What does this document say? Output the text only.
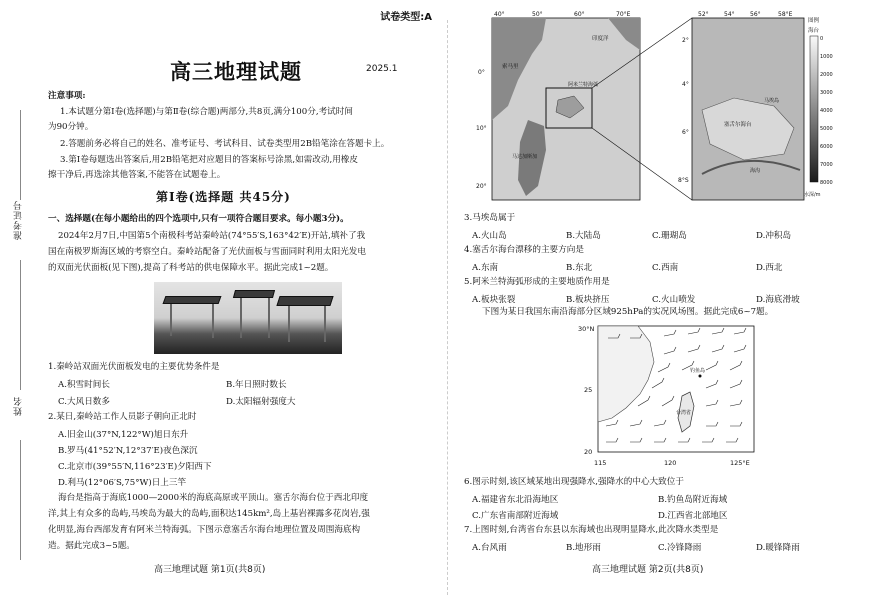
准考证号
姓名
试卷类型:A
高三地理试题	2025.1
注意事项:
1.本试题分第Ⅰ卷(选择题)与第Ⅱ卷(综合题)两部分,共8页,满分100分,考试时间
为90分钟。
2.答题前务必将自己的姓名、准考证号、考试科目、试卷类型用2B铅笔涂在答题卡上。
3.第Ⅰ卷每题选出答案后,用2B铅笔把对应题目的答案标号涂黑,如需改动,用橡皮
擦干净后,再选涂其他答案,不能答在试题卷上。
第Ⅰ卷(选择题 共45分)
一、选择题(在每小题给出的四个选项中,只有一项符合题目要求。每小题3分)。
2024年2月7日,中国第5个南极科考站秦岭站(74°55′S,163°42′E)开站,填补了我
国在南极罗斯海区域的考察空白。秦岭站配备了光伏面板与雪面同时利用太阳光发电
的双面光伏面板(见下图),提高了科考站的供电保障水平。据此完成1~2题。
1.秦岭站双面光伏面板发电的主要优势条件是
A.积雪时间长	B.年日照时数长
C.大风日数多	D.太阳辐射强度大
2.某日,秦岭站工作人员影子朝向正北时
A.旧金山(37°N,122°W)旭日东升
B.罗马(41°52′N,12°37′E)夜色深沉
C.北京市(39°55′N,116°23′E)夕阳西下
D.利马(12°06′S,75°W)日上三竿
海台是指高于海底1000—2000米的海底高原或平顶山。塞舌尔海台位于西北印度
洋,其上有众多的岛屿,马埃岛为最大的岛屿,面积达145km²,岛上基岩裸露多花岗岩,强
化明显,海台西部发育有阿米兰特海弧。下图示意塞舌尔海台地理位置及周围海底构
造。据此完成3~5题。
高三地理试题 第1页(共8页)
40°	50°	60°	70°E	52°	54°	56°	58°E
0°
10°
20°
2°
4°
6°
8°S
印度洋
阿米兰特海弧
索马里
马达加斯加
塞舌尔海台
马埃岛
海沟
图例
海台
0
1000
2000
3000
4000
5000
6000
7000
8000
水深/m
3.马埃岛属于
A.火山岛	B.大陆岛	C.珊瑚岛	D.冲积岛
4.塞舌尔海台漂移的主要方向是
A.东南	B.东北	C.西南	D.西北
5.阿米兰特海弧形成的主要地质作用是
A.板块张裂	B.板块挤压	C.火山喷发	D.海底滑坡
下图为某日我国东南沿海部分区域925hPa的实况风场图。据此完成6~7题。
30°N
25
20
115	120	125°E
钓鱼岛
台湾省
6.图示时刻,该区域某地出现强降水,强降水的中心大致位于
A.福建省东北沿海地区	B.钓鱼岛附近海域
C.广东省南部附近海域	D.江西省北部地区
7.上图时刻,台湾省台东县以东海域也出现明显降水,此次降水类型是
A.台风雨	B.地形雨	C.冷锋降雨	D.暖锋降雨
高三地理试题 第2页(共8页)
